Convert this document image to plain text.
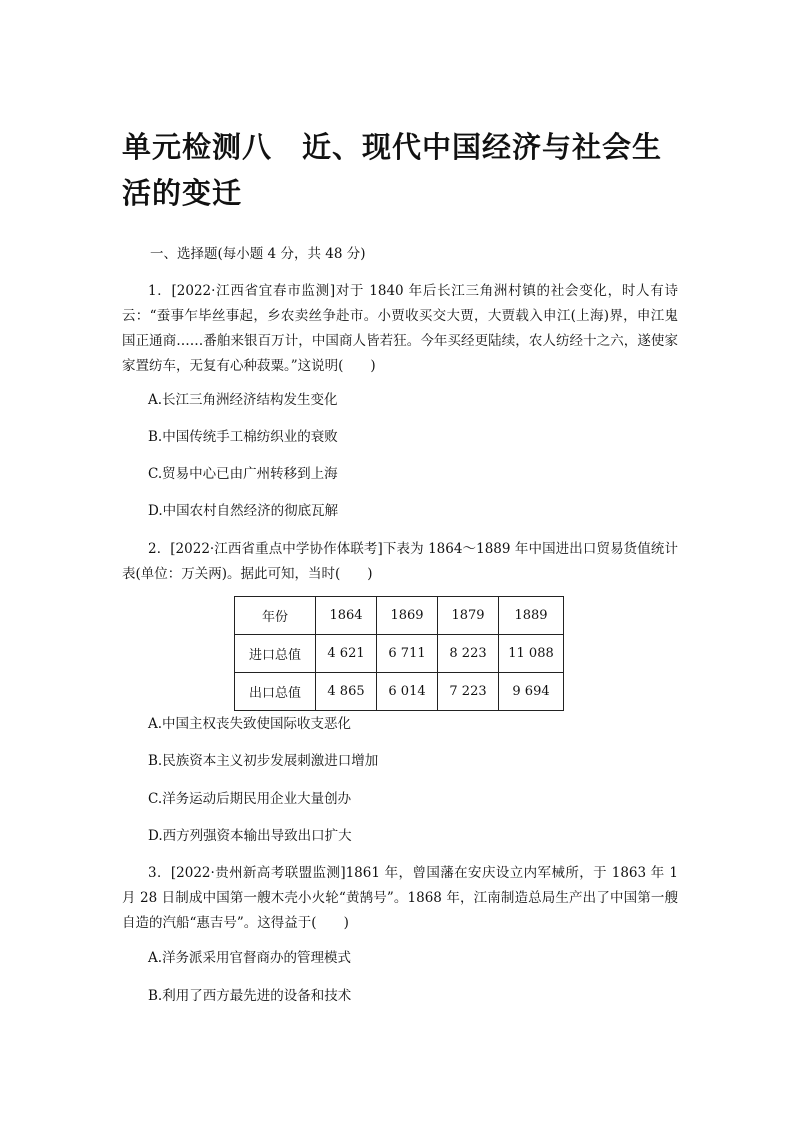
单元检测八　近、现代中国经济与社会生活的变迁
一、选择题(每小题 4 分，共 48 分)
1．[2022·江西省宜春市监测]对于 1840 年后长江三角洲村镇的社会变化，时人有诗云：“蚕事乍毕丝事起，乡农卖丝争赴市。小贾收买交大贾，大贾载入申江(上海)界，申江鬼国正通商……番舶来银百万计，中国商人皆若狂。今年买经更陆续，农人纺经十之六，遂使家家置纺车，无复有心种菽粟。”这说明(　　)
A.长江三角洲经济结构发生变化
B.中国传统手工棉纺织业的衰败
C.贸易中心已由广州转移到上海
D.中国农村自然经济的彻底瓦解
2．[2022·江西省重点中学协作体联考]下表为 1864～1889 年中国进出口贸易货值统计表(单位：万关两)。据此可知，当时(　　)
年份	1864	1869	1879	1889
进口总值	4 621	6 711	8 223	11 088
出口总值	4 865	6 014	7 223	9 694
A.中国主权丧失致使国际收支恶化
B.民族资本主义初步发展刺激进口增加
C.洋务运动后期民用企业大量创办
D.西方列强资本输出导致出口扩大
3．[2022·贵州新高考联盟监测]1861 年，曾国藩在安庆设立内军械所，于 1863 年 1 月 28 日制成中国第一艘木壳小火轮“黄鹄号”。1868 年，江南制造总局生产出了中国第一艘自造的汽船“惠吉号”。这得益于(　　)
A.洋务派采用官督商办的管理模式
B.利用了西方最先进的设备和技术
